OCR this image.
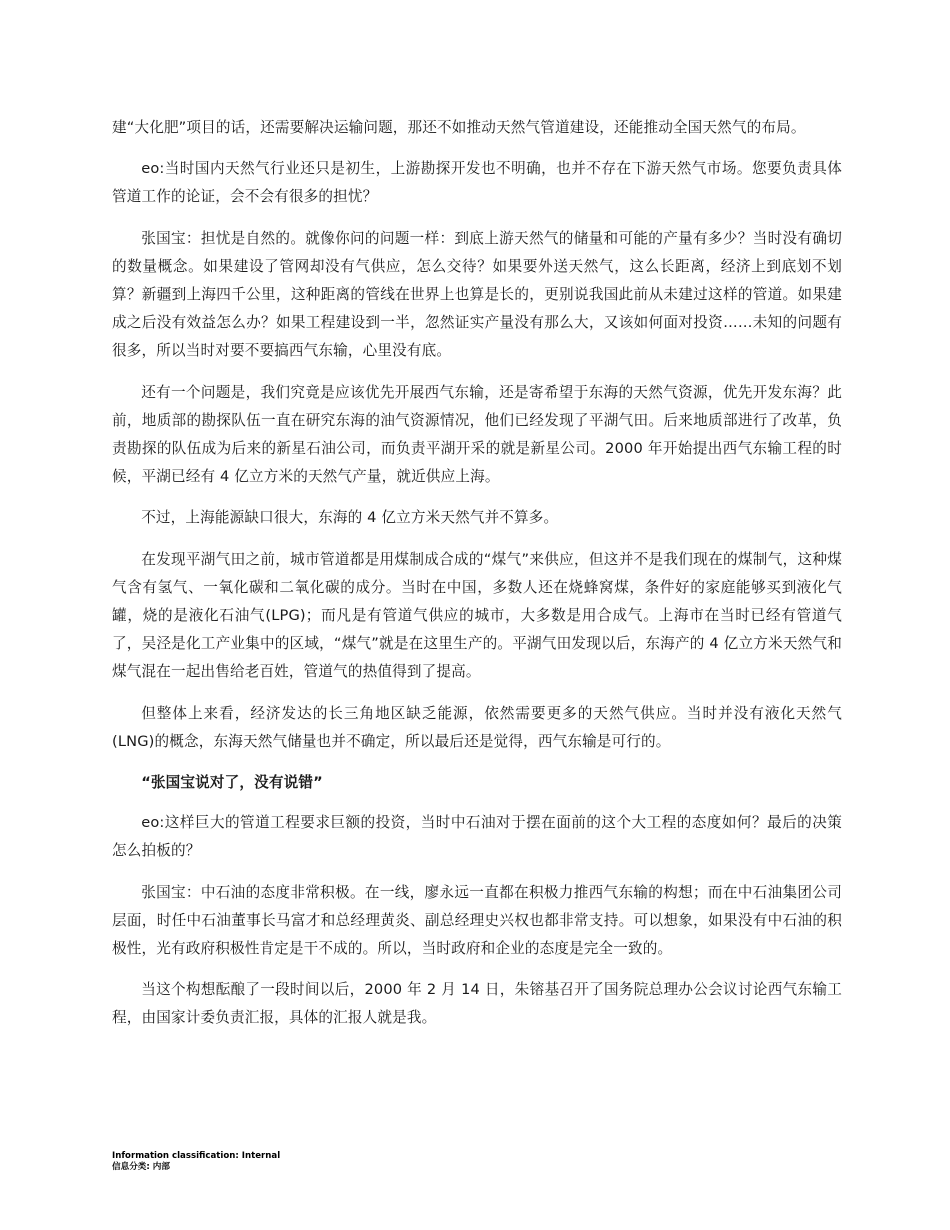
建“大化肥”项目的话，还需要解决运输问题，那还不如推动天然气管道建设，还能推动全国天然气的布局。

eo:当时国内天然气行业还只是初生，上游勘探开发也不明确，也并不存在下游天然气市场。您要负责具体管道工作的论证，会不会有很多的担忧？

张国宝：担忧是自然的。就像你问的问题一样：到底上游天然气的储量和可能的产量有多少？当时没有确切的数量概念。如果建设了管网却没有气供应，怎么交待？如果要外送天然气，这么长距离，经济上到底划不划算？新疆到上海四千公里，这种距离的管线在世界上也算是长的，更别说我国此前从未建过这样的管道。如果建成之后没有效益怎么办？如果工程建设到一半，忽然证实产量没有那么大，又该如何面对投资……未知的问题有很多，所以当时对要不要搞西气东输，心里没有底。

还有一个问题是，我们究竟是应该优先开展西气东输，还是寄希望于东海的天然气资源，优先开发东海？此前，地质部的勘探队伍一直在研究东海的油气资源情况，他们已经发现了平湖气田。后来地质部进行了改革，负责勘探的队伍成为后来的新星石油公司，而负责平湖开采的就是新星公司。2000 年开始提出西气东输工程的时候，平湖已经有 4 亿立方米的天然气产量，就近供应上海。

不过，上海能源缺口很大，东海的 4 亿立方米天然气并不算多。

在发现平湖气田之前，城市管道都是用煤制成合成的“煤气”来供应，但这并不是我们现在的煤制气，这种煤气含有氢气、一氧化碳和二氧化碳的成分。当时在中国，多数人还在烧蜂窝煤，条件好的家庭能够买到液化气罐，烧的是液化石油气(LPG)；而凡是有管道气供应的城市，大多数是用合成气。上海市在当时已经有管道气了，吴泾是化工产业集中的区域，“煤气”就是在这里生产的。平湖气田发现以后，东海产的 4 亿立方米天然气和煤气混在一起出售给老百姓，管道气的热值得到了提高。

但整体上来看，经济发达的长三角地区缺乏能源，依然需要更多的天然气供应。当时并没有液化天然气(LNG)的概念，东海天然气储量也并不确定，所以最后还是觉得，西气东输是可行的。

“张国宝说对了，没有说错”

eo:这样巨大的管道工程要求巨额的投资，当时中石油对于摆在面前的这个大工程的态度如何？最后的决策怎么拍板的？

张国宝：中石油的态度非常积极。在一线，廖永远一直都在积极力推西气东输的构想；而在中石油集团公司层面，时任中石油董事长马富才和总经理黄炎、副总经理史兴权也都非常支持。可以想象，如果没有中石油的积极性，光有政府积极性肯定是干不成的。所以，当时政府和企业的态度是完全一致的。

当这个构想酝酿了一段时间以后，2000 年 2 月 14 日，朱镕基召开了国务院总理办公会议讨论西气东输工程，由国家计委负责汇报，具体的汇报人就是我。

Information classification: Internal
信息分类: 内部
